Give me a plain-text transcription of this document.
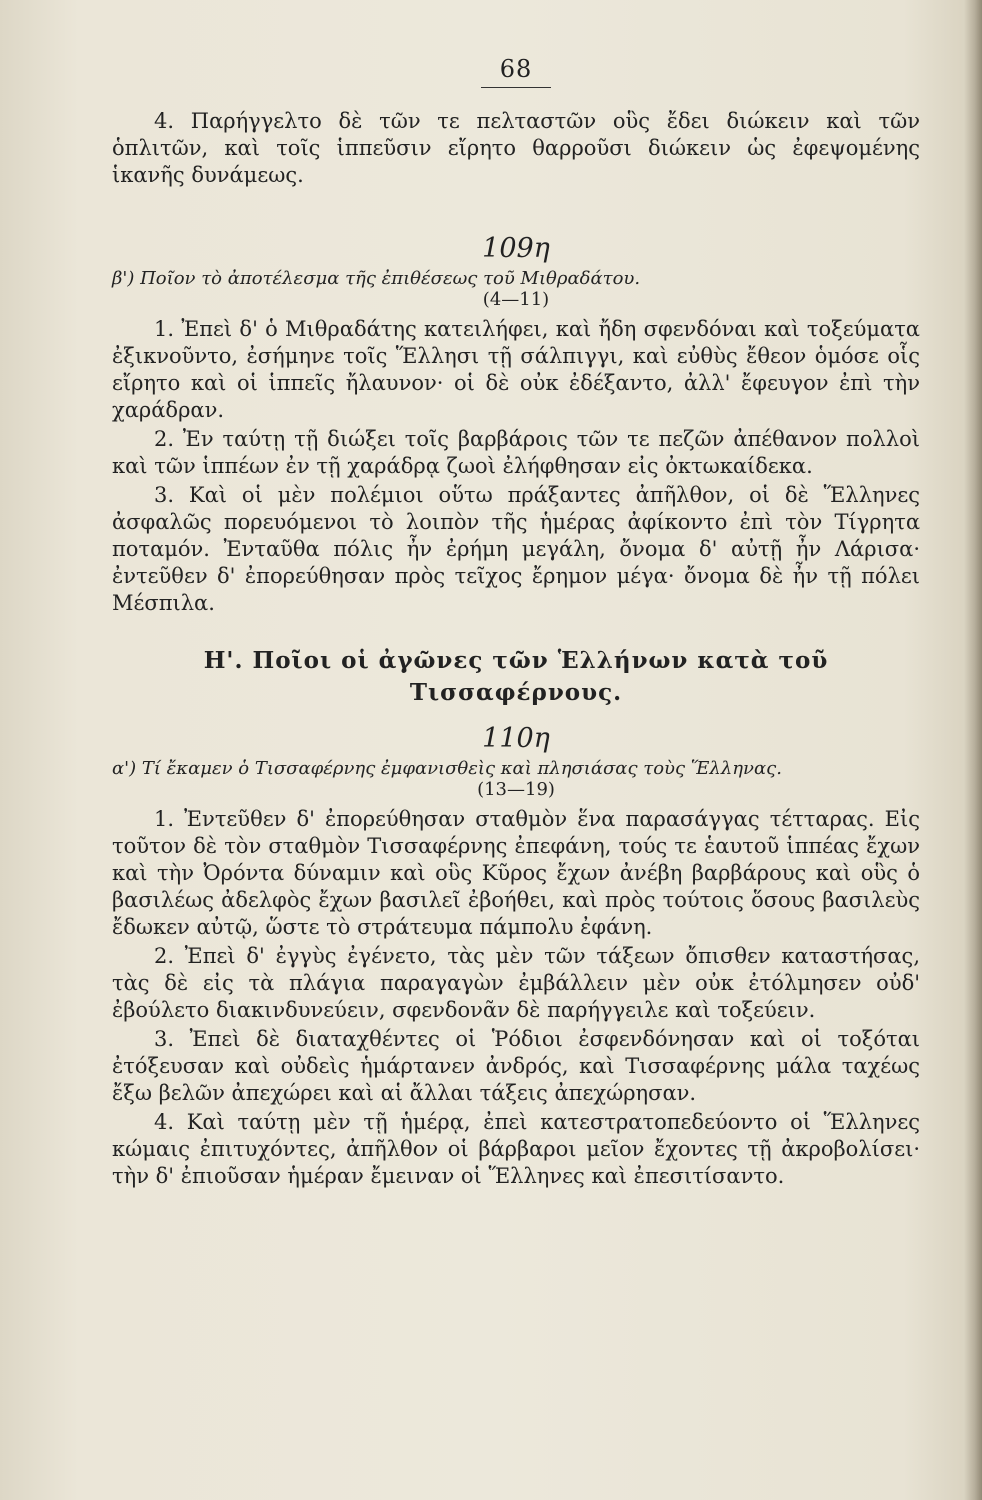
68

4. Παρήγγελτο δὲ τῶν τε πελταστῶν οὓς ἔδει διώκειν καὶ τῶν ὁπλιτῶν, καὶ τοῖς ἱππεῦσιν εἴρητο θαρροῦσι διώκειν ὡς ἐφεψομένης ἱκανῆς δυνάμεως.

109η

β') Ποῖον τὸ ἀποτέλεσμα τῆς ἐπιθέσεως τοῦ Μιθραδάτου.

(4—11)

1. Ἐπεὶ δ' ὁ Μιθραδάτης κατειλήφει, καὶ ἤδη σφενδόναι καὶ τοξεύματα ἐξικνοῦντο, ἐσήμηνε τοῖς Ἕλλησι τῇ σάλπιγγι, καὶ εὐθὺς ἔθεον ὁμόσε οἷς εἴρητο καὶ οἱ ἱππεῖς ἤλαυνον· οἱ δὲ οὐκ ἐδέξαντο, ἀλλ' ἔφευγον ἐπὶ τὴν χαράδραν.

2. Ἐν ταύτῃ τῇ διώξει τοῖς βαρβάροις τῶν τε πεζῶν ἀπέθανον πολλοὶ καὶ τῶν ἱππέων ἐν τῇ χαράδρᾳ ζωοὶ ἐλήφθησαν εἰς ὀκτωκαίδεκα.

3. Καὶ οἱ μὲν πολέμιοι οὕτω πράξαντες ἀπῆλθον, οἱ δὲ Ἕλληνες ἀσφαλῶς πορευόμενοι τὸ λοιπὸν τῆς ἡμέρας ἀφίκοντο ἐπὶ τὸν Τίγρητα ποταμόν. Ἐνταῦθα πόλις ἦν ἐρήμη μεγάλη, ὄνομα δ' αὐτῇ ἦν Λάρισα· ἐντεῦθεν δ' ἐπορεύθησαν πρὸς τεῖχος ἔρημον μέγα· ὄνομα δὲ ἦν τῇ πόλει Μέσπιλα.

Η'. Ποῖοι οἱ ἀγῶνες τῶν Ἑλλήνων κατὰ τοῦ Τισσαφέρνους.
110η

α') Τί ἔκαμεν ὁ Τισσαφέρνης ἐμφανισθεὶς καὶ πλησιάσας τοὺς Ἕλληνας.

(13—19)

1. Ἐντεῦθεν δ' ἐπορεύθησαν σταθμὸν ἕνα παρασάγγας τέτταρας. Εἰς τοῦτον δὲ τὸν σταθμὸν Τισσαφέρνης ἐπεφάνη, τούς τε ἑαυτοῦ ἱππέας ἔχων καὶ τὴν Ὀρόντα δύναμιν καὶ οὓς Κῦρος ἔχων ἀνέβη βαρβάρους καὶ οὓς ὁ βασιλέως ἀδελφὸς ἔχων βασιλεῖ ἐβοήθει, καὶ πρὸς τούτοις ὅσους βασιλεὺς ἔδωκεν αὐτῷ, ὥστε τὸ στράτευμα πάμπολυ ἐφάνη.

2. Ἐπεὶ δ' ἐγγὺς ἐγένετο, τὰς μὲν τῶν τάξεων ὄπισθεν καταστήσας, τὰς δὲ εἰς τὰ πλάγια παραγαγὼν ἐμβάλλειν μὲν οὐκ ἐτόλμησεν οὐδ' ἐβούλετο διακινδυνεύειν, σφενδονᾶν δὲ παρήγγειλε καὶ τοξεύειν.

3. Ἐπεὶ δὲ διαταχθέντες οἱ Ῥόδιοι ἐσφενδόνησαν καὶ οἱ τοξόται ἐτόξευσαν καὶ οὐδεὶς ἡμάρτανεν ἀνδρός, καὶ Τισσαφέρνης μάλα ταχέως ἔξω βελῶν ἀπεχώρει καὶ αἱ ἄλλαι τάξεις ἀπεχώρησαν.

4. Καὶ ταύτῃ μὲν τῇ ἡμέρᾳ, ἐπεὶ κατεστρατοπεδεύοντο οἱ Ἕλληνες κώμαις ἐπιτυχόντες, ἀπῆλθον οἱ βάρβαροι μεῖον ἔχοντες τῇ ἀκροβολίσει· τὴν δ' ἐπιοῦσαν ἡμέραν ἔμειναν οἱ Ἕλληνες καὶ ἐπεσιτίσαντο.
